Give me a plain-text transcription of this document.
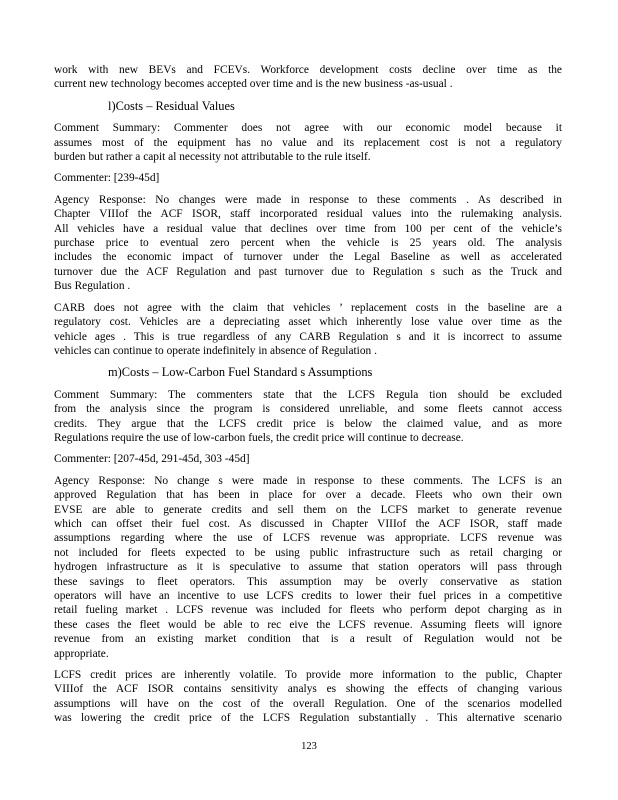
work with new BEVs and FCEVs. Workforce development costs decline over time as the
current new technology becomes accepted over time and is the new business -as-usual .
l)Costs – Residual Values
Comment Summary: Commenter does not agree with our economic model because it
assumes most of the equipment has no value and its replacement cost is not a regulatory
burden but rather a capit al necessity not attributable to the rule itself.
Commenter: [239-45d]
Agency Response: No changes were made in response to these comments . As described in
Chapter VIIIof the ACF ISOR, staff incorporated residual values into the rulemaking analysis.
All vehicles have a residual value that declines over time from 100 per cent of the vehicle’s
purchase price to eventual zero percent when the vehicle is 25 years old. The analysis
includes the economic impact of turnover under the Legal Baseline as well as accelerated
turnover due the ACF Regulation and past turnover due to Regulation s such as the Truck and
Bus Regulation .
CARB does not agree with the claim that vehicles ’ replacement costs in the baseline are a
regulatory cost. Vehicles are a depreciating asset which inherently lose value over time as the
vehicle ages . This is true regardless of any CARB Regulation s and it is incorrect to assume
vehicles can continue to operate indefinitely in absence of Regulation .
m)Costs – Low-Carbon Fuel Standard s Assumptions
Comment Summary: The commenters state that the LCFS Regula tion should be excluded
from the analysis since the program is considered unreliable, and some fleets cannot access
credits. They argue that the LCFS credit price is below the claimed value, and as more
Regulations require the use of low-carbon fuels, the credit price will continue to decrease.
Commenter: [207-45d, 291-45d, 303 -45d]
Agency Response: No change s were made in response to these comments. The LCFS is an
approved Regulation that has been in place for over a decade. Fleets who own their own
EVSE are able to generate credits and sell them on the LCFS market to generate revenue
which can offset their fuel cost. As discussed in Chapter VIIIof the ACF ISOR, staff made
assumptions regarding where the use of LCFS revenue was appropriate. LCFS revenue was
not included for fleets expected to be using public infrastructure such as retail charging or
hydrogen infrastructure as it is speculative to assume that station operators will pass through
these savings to fleet operators. This assumption may be overly conservative as station
operators will have an incentive to use LCFS credits to lower their fuel prices in a competitive
retail fueling market . LCFS revenue was included for fleets who perform depot charging as in
these cases the fleet would be able to rec eive the LCFS revenue. Assuming fleets will ignore
revenue from an existing market condition that is a result of Regulation would not be
appropriate.
LCFS credit prices are inherently volatile. To provide more information to the public, Chapter
VIIIof the ACF ISOR contains sensitivity analys es showing the effects of changing various
assumptions will have on the cost of the overall Regulation. One of the scenarios modelled
was lowering the credit price of the LCFS Regulation substantially . This alternative scenario
123
